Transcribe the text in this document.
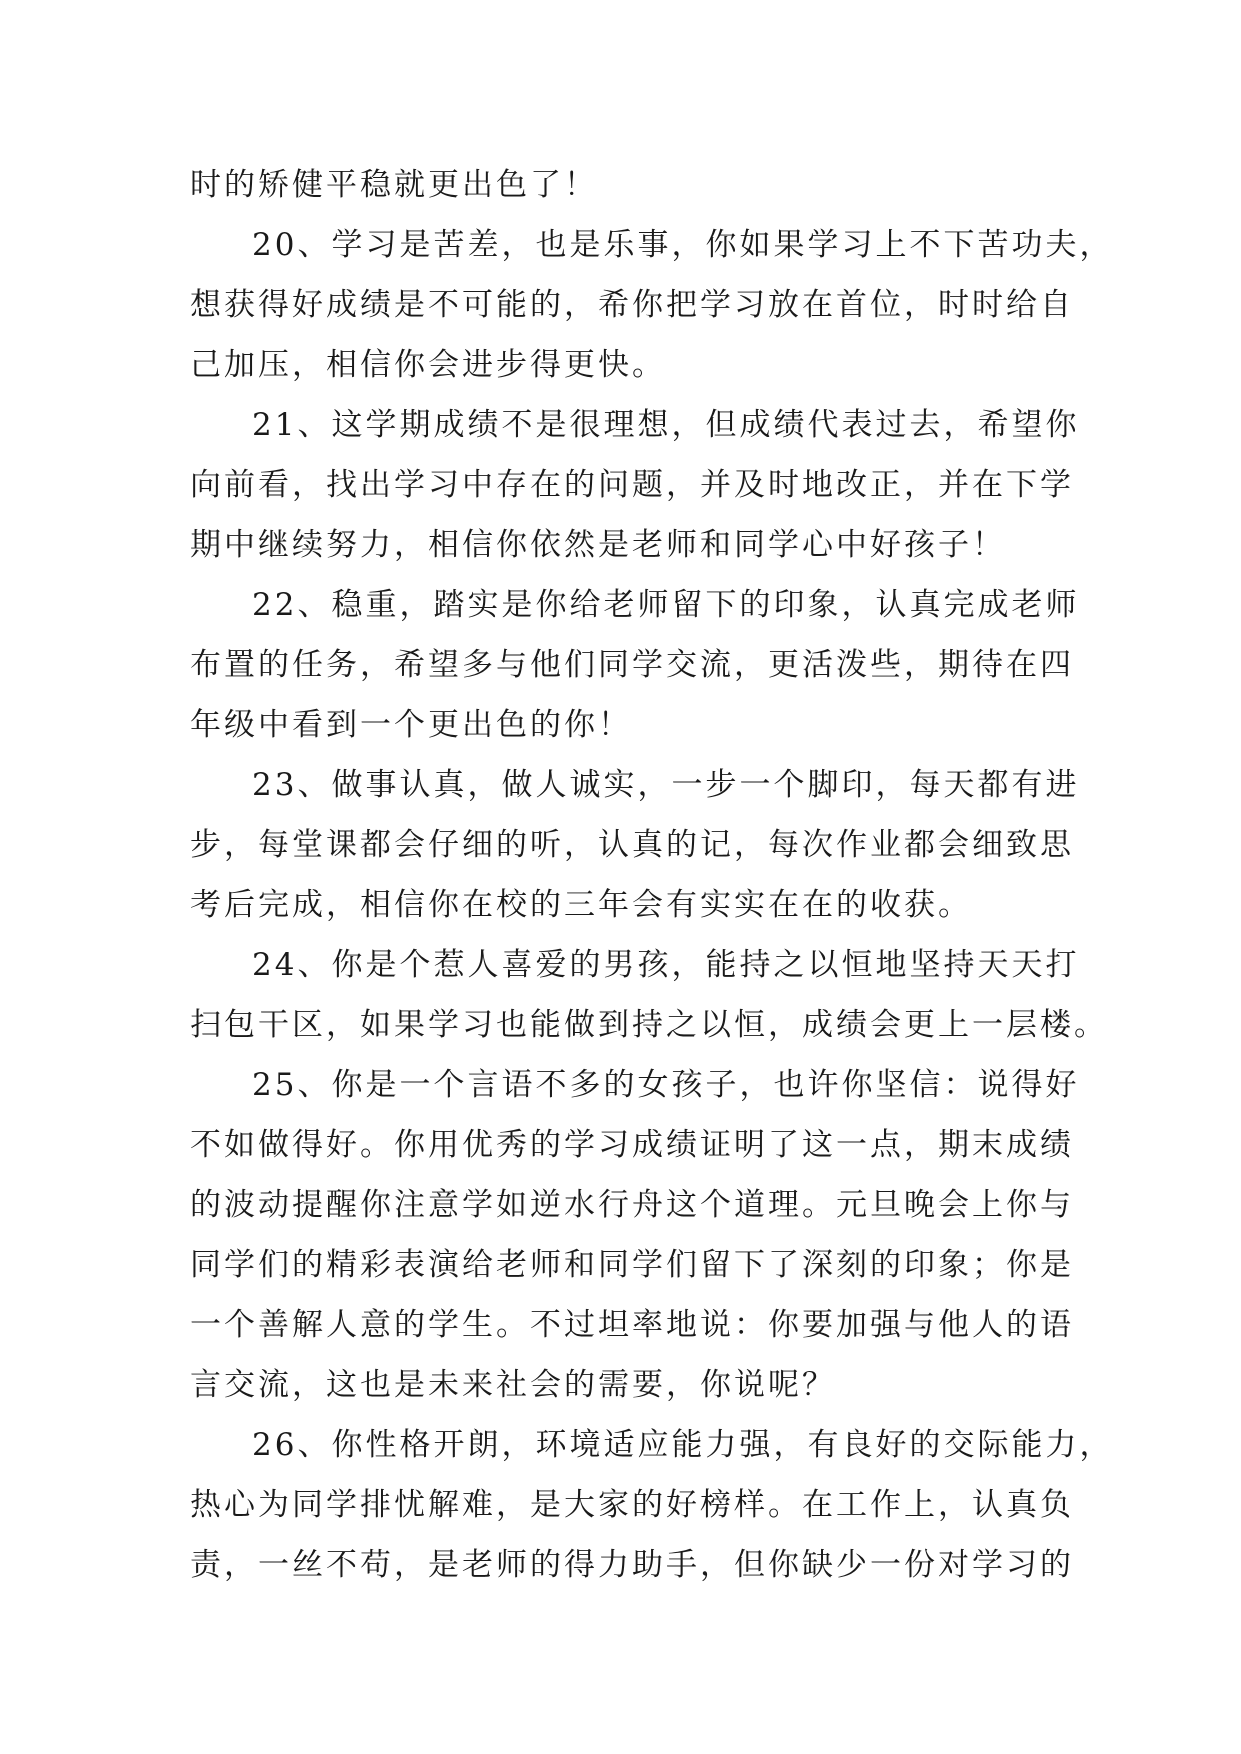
时的矫健平稳就更出色了！
20、学习是苦差，也是乐事，你如果学习上不下苦功夫，
想获得好成绩是不可能的，希你把学习放在首位，时时给自
己加压，相信你会进步得更快。
21、这学期成绩不是很理想，但成绩代表过去，希望你
向前看，找出学习中存在的问题，并及时地改正，并在下学
期中继续努力，相信你依然是老师和同学心中好孩子！
22、稳重，踏实是你给老师留下的印象，认真完成老师
布置的任务，希望多与他们同学交流，更活泼些，期待在四
年级中看到一个更出色的你！
23、做事认真，做人诚实，一步一个脚印，每天都有进
步，每堂课都会仔细的听，认真的记，每次作业都会细致思
考后完成，相信你在校的三年会有实实在在的收获。
24、你是个惹人喜爱的男孩，能持之以恒地坚持天天打
扫包干区，如果学习也能做到持之以恒，成绩会更上一层楼。
25、你是一个言语不多的女孩子，也许你坚信：说得好
不如做得好。你用优秀的学习成绩证明了这一点，期末成绩
的波动提醒你注意学如逆水行舟这个道理。元旦晚会上你与
同学们的精彩表演给老师和同学们留下了深刻的印象；你是
一个善解人意的学生。不过坦率地说：你要加强与他人的语
言交流，这也是未来社会的需要，你说呢？
26、你性格开朗，环境适应能力强，有良好的交际能力，
热心为同学排忧解难，是大家的好榜样。在工作上，认真负
责，一丝不苟，是老师的得力助手，但你缺少一份对学习的
